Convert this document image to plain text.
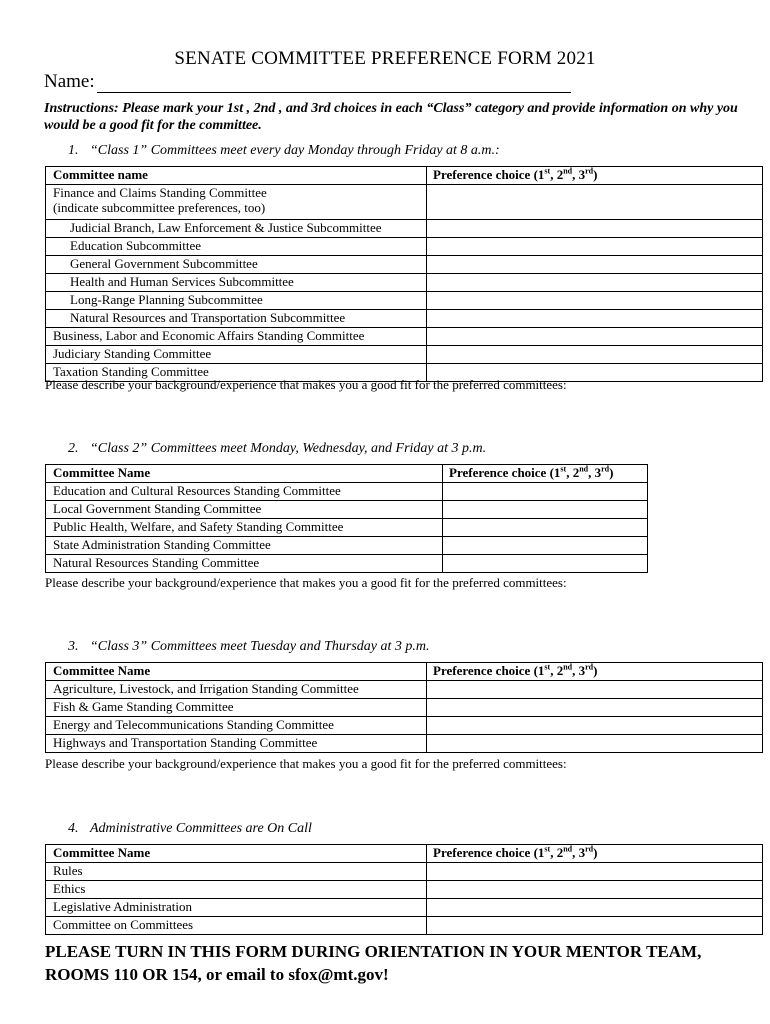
SENATE COMMITTEE PREFERENCE FORM 2021
Name:
Instructions: Please mark your 1st , 2nd , and 3rd choices in each “Class” category and provide information on why you would be a good fit for the committee.
1. “Class 1” Committees meet every day Monday through Friday at 8 a.m.:
Committee name	Preference choice (1st, 2nd, 3rd)
Finance and Claims Standing Committee
(indicate subcommittee preferences, too)	
Judicial Branch, Law Enforcement & Justice Subcommittee	
Education Subcommittee	
General Government Subcommittee	
Health and Human Services Subcommittee	
Long-Range Planning Subcommittee	
Natural Resources and Transportation Subcommittee	
Business, Labor and Economic Affairs Standing Committee	
Judiciary Standing Committee	
Taxation Standing Committee	
Please describe your background/experience that makes you a good fit for the preferred committees:
2. “Class 2” Committees meet Monday, Wednesday, and Friday at 3 p.m.
Committee Name	Preference choice (1st, 2nd, 3rd)
Education and Cultural Resources Standing Committee	
Local Government Standing Committee	
Public Health, Welfare, and Safety Standing Committee	
State Administration Standing Committee	
Natural Resources Standing Committee	
Please describe your background/experience that makes you a good fit for the preferred committees:
3. “Class 3” Committees meet Tuesday and Thursday at 3 p.m.
Committee Name	Preference choice (1st, 2nd, 3rd)
Agriculture, Livestock, and Irrigation Standing Committee	
Fish & Game Standing Committee	
Energy and Telecommunications Standing Committee	
Highways and Transportation Standing Committee	
Please describe your background/experience that makes you a good fit for the preferred committees:
4. Administrative Committees are On Call
Committee Name	Preference choice (1st, 2nd, 3rd)
Rules	
Ethics	
Legislative Administration	
Committee on Committees	
PLEASE TURN IN THIS FORM DURING ORIENTATION IN YOUR MENTOR TEAM, ROOMS 110 OR 154, or email to sfox@mt.gov!
